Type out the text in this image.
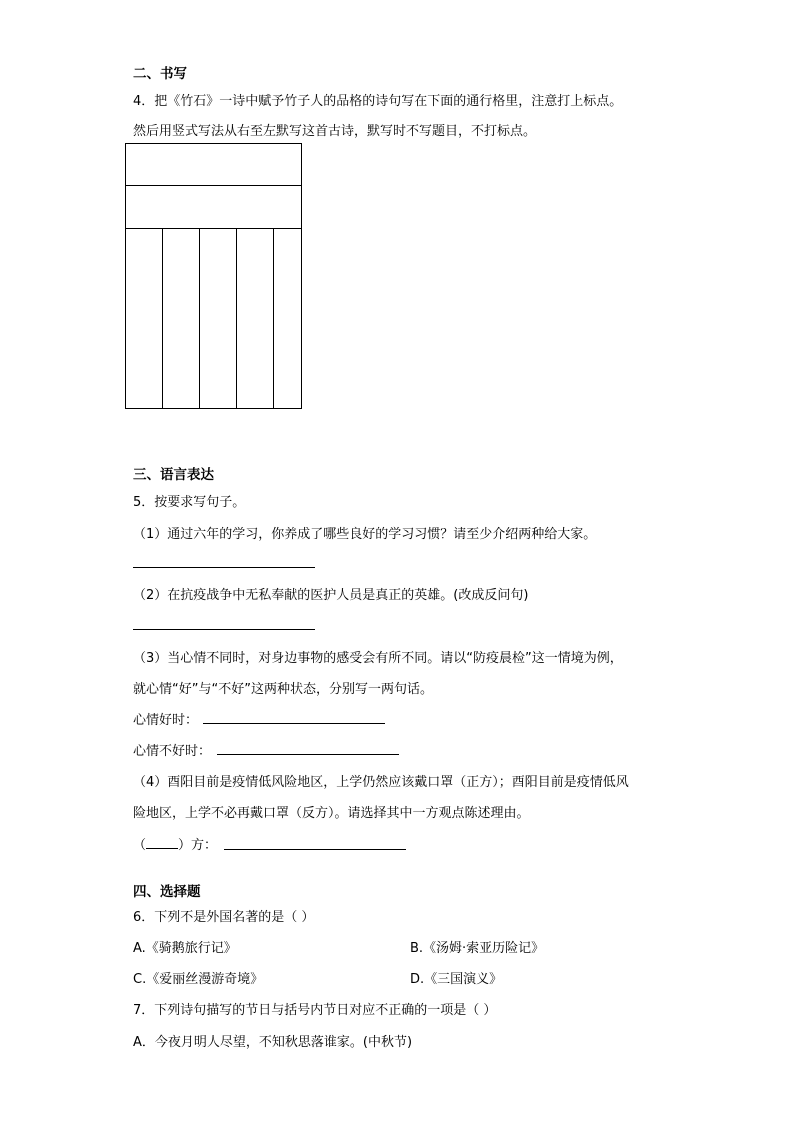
二、书写
4．把《竹石》一诗中赋予竹子人的品格的诗句写在下面的通行格里，注意打上标点。
然后用竖式写法从右至左默写这首古诗，默写时不写题目，不打标点。
三、语言表达
5．按要求写句子。
（1）通过六年的学习，你养成了哪些良好的学习习惯？请至少介绍两种给大家。
（2）在抗疫战争中无私奉献的医护人员是真正的英雄。(改成反问句)
（3）当心情不同时，对身边事物的感受会有所不同。请以“防疫晨检”这一情境为例，
就心情“好”与“不好”这两种状态，分别写一两句话。
心情好时：
心情不好时：
（4）酉阳目前是疫情低风险地区，上学仍然应该戴口罩（正方）；酉阳目前是疫情低风
险地区，上学不必再戴口罩（反方）。请选择其中一方观点陈述理由。
（ ）方：
四、选择题
6．下列不是外国名著的是（ ）
A.《骑鹅旅行记》	B.《汤姆·索亚历险记》
C.《爱丽丝漫游奇境》	D.《三国演义》
7．下列诗句描写的节日与括号内节日对应不正确的一项是（ ）
A．今夜月明人尽望，不知秋思落谁家。(中秋节)
